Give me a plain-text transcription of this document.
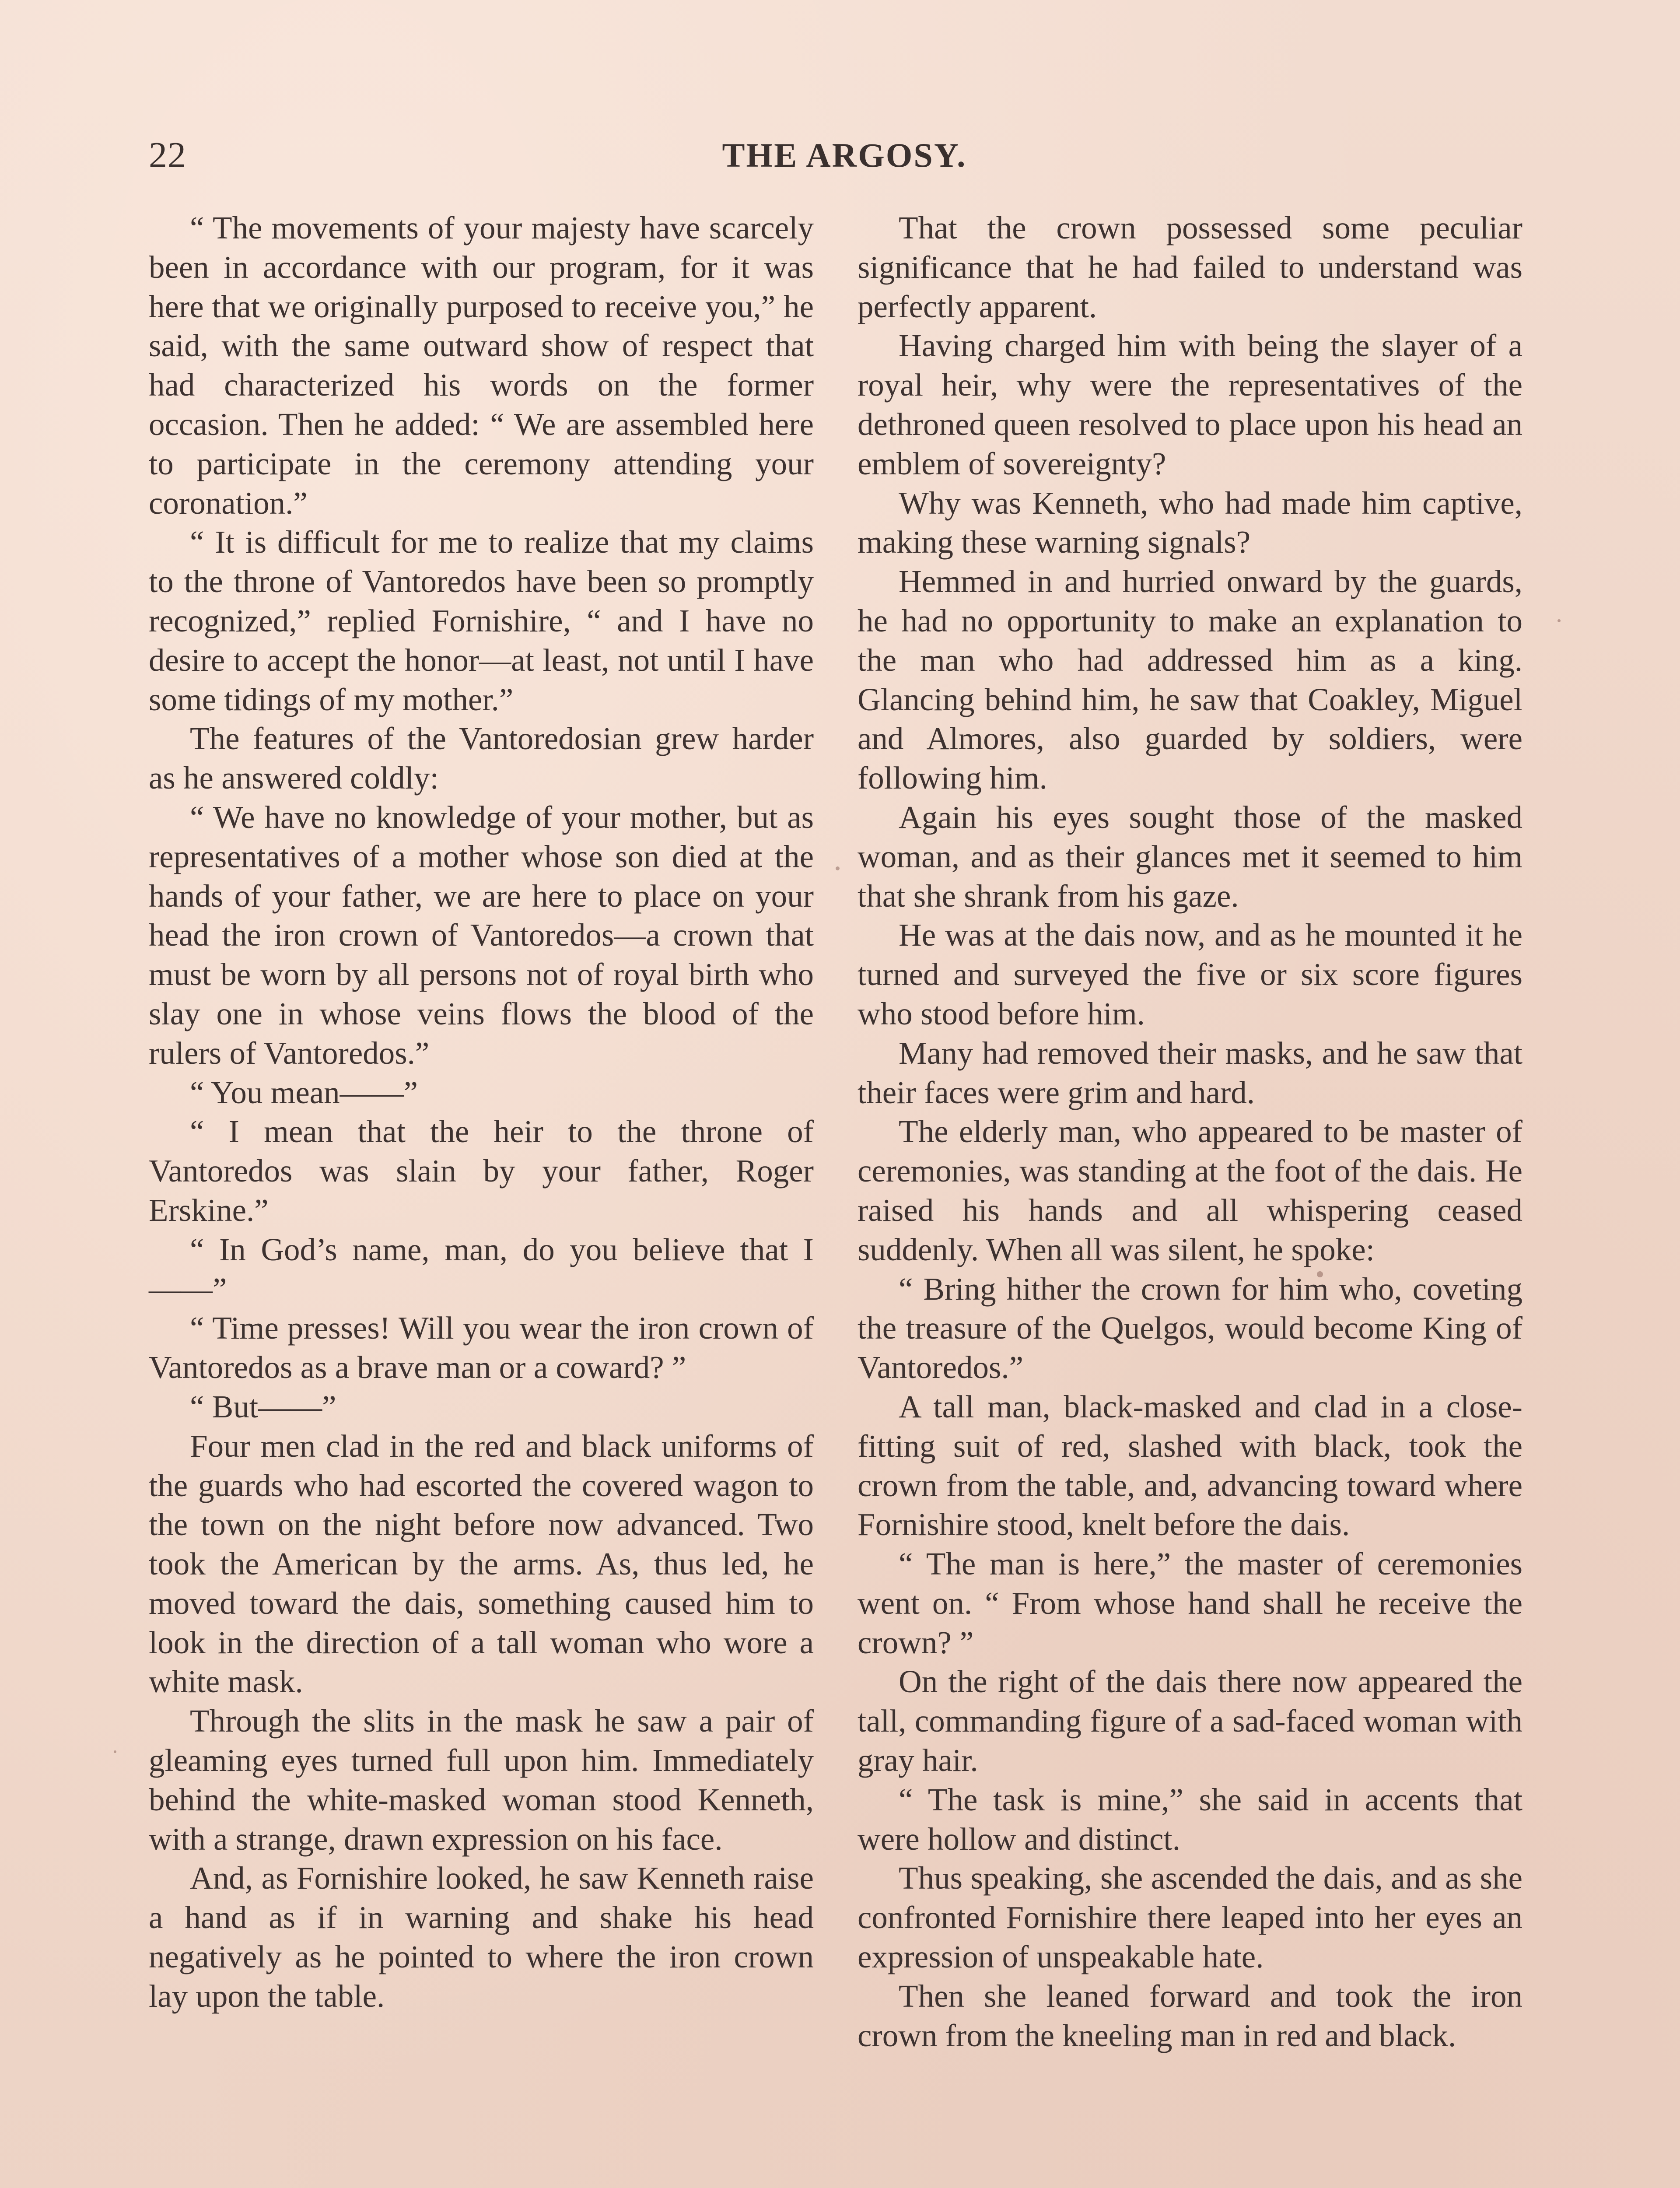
22	THE ARGOSY.

“ The movements of your majesty have scarcely been in accordance with our program, for it was here that we originally purposed to receive you,” he said, with the same outward show of respect that had characterized his words on the former occasion. Then he added: “ We are assembled here to participate in the ceremony attending your coronation.”

“ It is difficult for me to realize that my claims to the throne of Vantoredos have been so promptly recognized,” replied Fornishire, “ and I have no desire to accept the honor—at least, not until I have some tidings of my mother.”

The features of the Vantoredosian grew harder as he answered coldly:

“ We have no knowledge of your mother, but as representatives of a mother whose son died at the hands of your father, we are here to place on your head the iron crown of Vantoredos—a crown that must be worn by all persons not of royal birth who slay one in whose veins flows the blood of the rulers of Vantoredos.”

“ You mean——”

“ I mean that the heir to the throne of Vantoredos was slain by your father, Roger Erskine.”

“ In God’s name, man, do you believe that I——”

“ Time presses! Will you wear the iron crown of Vantoredos as a brave man or a coward? ”

“ But——”

Four men clad in the red and black uniforms of the guards who had escorted the covered wagon to the town on the night before now advanced. Two took the American by the arms. As, thus led, he moved toward the dais, something caused him to look in the direction of a tall woman who wore a white mask.

Through the slits in the mask he saw a pair of gleaming eyes turned full upon him. Immediately behind the white-masked woman stood Kenneth, with a strange, drawn expression on his face.

And, as Fornishire looked, he saw Kenneth raise a hand as if in warning and shake his head negatively as he pointed to where the iron crown lay upon the table.

That the crown possessed some peculiar significance that he had failed to understand was perfectly apparent.

Having charged him with being the slayer of a royal heir, why were the representatives of the dethroned queen resolved to place upon his head an emblem of sovereignty?

Why was Kenneth, who had made him captive, making these warning signals?

Hemmed in and hurried onward by the guards, he had no opportunity to make an explanation to the man who had addressed him as a king. Glancing behind him, he saw that Coakley, Miguel and Almores, also guarded by soldiers, were following him.

Again his eyes sought those of the masked woman, and as their glances met it seemed to him that she shrank from his gaze.

He was at the dais now, and as he mounted it he turned and surveyed the five or six score figures who stood before him.

Many had removed their masks, and he saw that their faces were grim and hard.

The elderly man, who appeared to be master of ceremonies, was standing at the foot of the dais. He raised his hands and all whispering ceased suddenly. When all was silent, he spoke:

“ Bring hither the crown for him who, coveting the treasure of the Quelgos, would become King of Vantoredos.”

A tall man, black-masked and clad in a close-fitting suit of red, slashed with black, took the crown from the table, and, advancing toward where Fornishire stood, knelt before the dais.

“ The man is here,” the master of ceremonies went on. “ From whose hand shall he receive the crown? ”

On the right of the dais there now appeared the tall, commanding figure of a sad-faced woman with gray hair.

“ The task is mine,” she said in accents that were hollow and distinct.

Thus speaking, she ascended the dais, and as she confronted Fornishire there leaped into her eyes an expression of unspeakable hate.

Then she leaned forward and took the iron crown from the kneeling man in red and black.
